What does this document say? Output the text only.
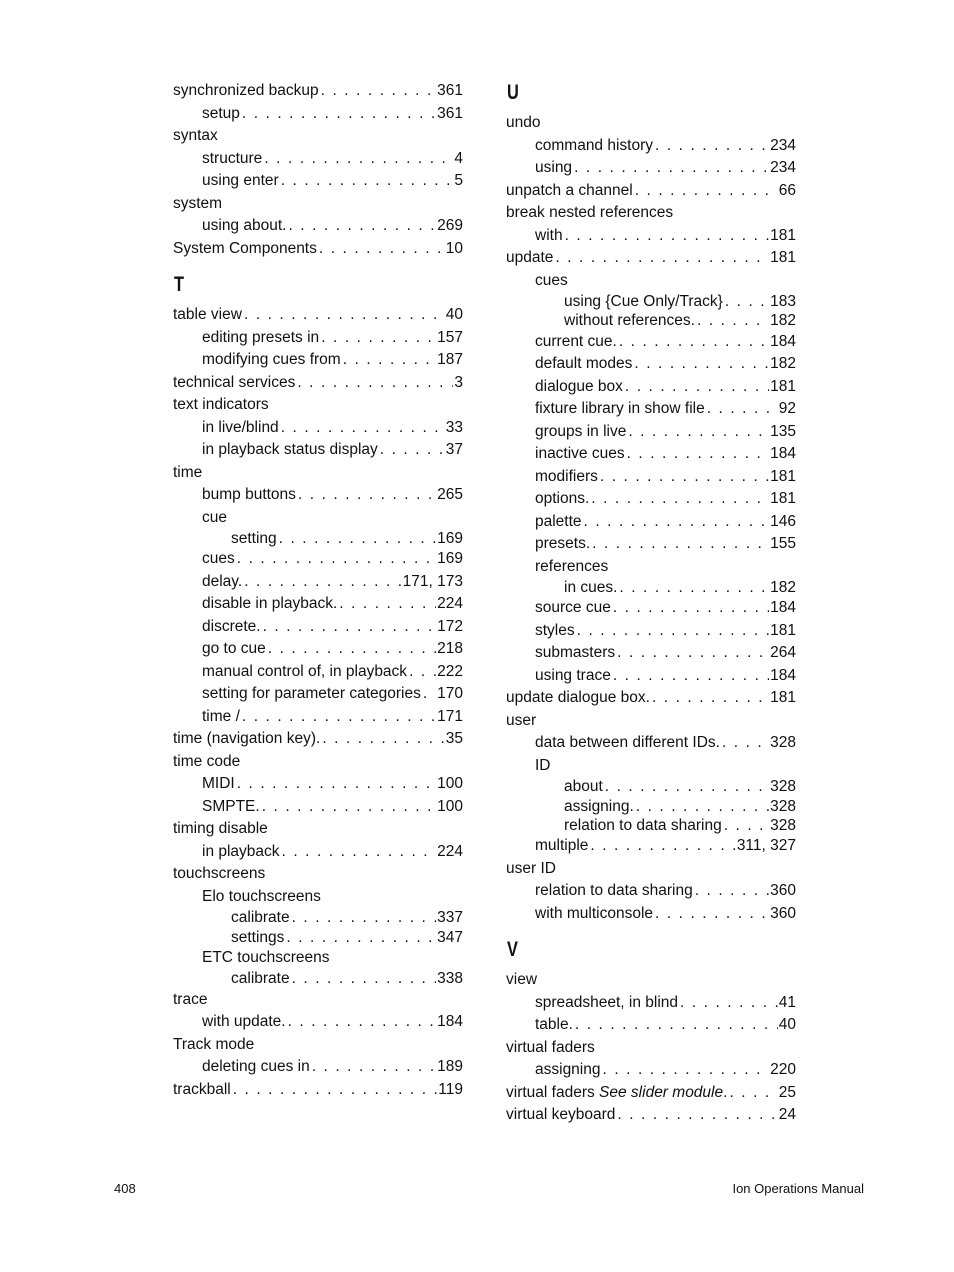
synchronized backup . . .	361
setup . . .	361
syntax
structure . . .	4
using enter . . .	5
system
using about. . . .	269
System Components . . .	10
T
table view . . .	40
editing presets in . . .	157
modifying cues from . . .	187
technical services . . .	3
text indicators
in live/blind . . .	33
in playback status display . . .	37
time
bump buttons . . .	265
cue
setting . . .	169
cues . . .	169
delay. . . .	171, 173
disable in playback. . . .	224
discrete. . . .	172
go to cue . . .	218
manual control of, in playback . . . 222
setting for parameter categories . . . 170
time / . . .	171
time (navigation key). . . .	35
time code
MIDI . . .	100
SMPTE. . . .	100
timing disable
in playback . . .	224
touchscreens
Elo touchscreens
calibrate . . .	337
settings . . .	347
ETC touchscreens
calibrate . . .	338
trace
with update. . . .	184
Track mode
deleting cues in . . .	189
trackball . . .	119
U
undo
command history . . .	234
using . . .	234
unpatch a channel . . .	66
break nested references
with . . .	181
update . . .	181
cues
using {Cue Only/Track} . . .	183
without references. . . .	182
current cue. . . .	184
default modes . . .	182
dialogue box . . .	181
fixture library in show file . . .	92
groups in live . . .	135
inactive cues . . .	184
modifiers . . .	181
options. . . .	181
palette . . .	146
presets. . . .	155
references
in cues. . . .	182
source cue . . .	184
styles . . .	181
submasters . . .	264
using trace . . .	184
update dialogue box. . . .	181
user
data between different IDs. . . .	328
ID
about . . .	328
assigning. . . .	328
relation to data sharing . . .	328
multiple . . .	311, 327
user ID
relation to data sharing . . .	360
with multiconsole . . .	360
V
view
spreadsheet, in blind . . .	41
table. . . .	40
virtual faders
assigning . . .	220
virtual faders See slider module. . . .	25
virtual keyboard . . .	24
408	Ion Operations Manual
